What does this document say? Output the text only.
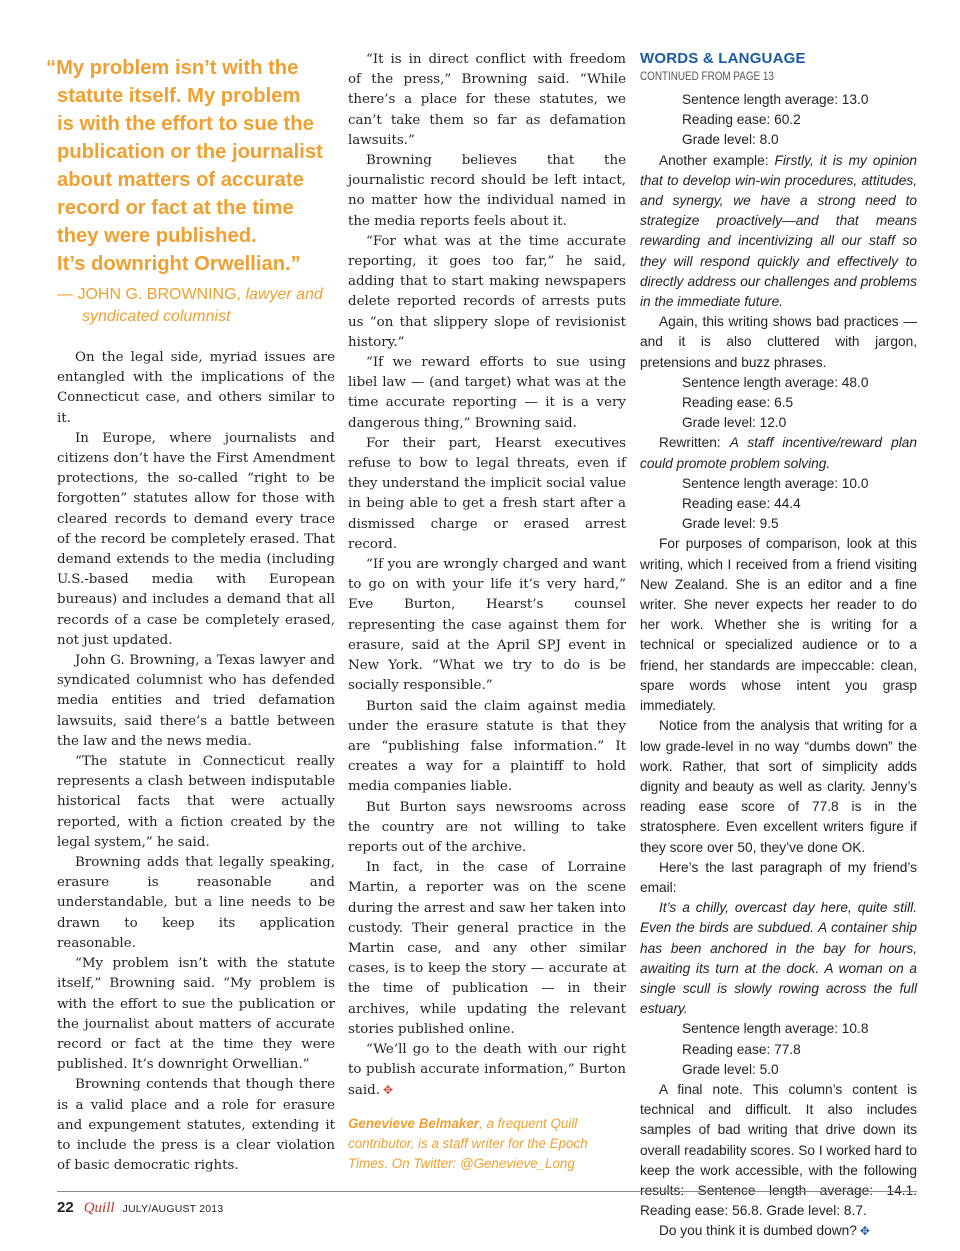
“My problem isn’t with the
statute itself. My problem
is with the effort to sue the
publication or the journalist
about matters of accurate
record or fact at the time
they were published.
It’s downright Orwellian.”
— JOHN G. BROWNING, lawyer and
syndicated columnist

On the legal side, myriad issues are entangled with the implications of the Connecticut case, and others similar to it.

In Europe, where journalists and citizens don’t have the First Amendment protections, the so-called “right to be forgotten” statutes allow for those with cleared records to demand every trace of the record be completely erased. That demand extends to the media (including U.S.-based media with European bureaus) and includes a demand that all records of a case be completely erased, not just updated.

John G. Browning, a Texas lawyer and syndicated columnist who has defended media entities and tried defamation lawsuits, said there’s a battle between the law and the news media.

“The statute in Connecticut really represents a clash between indisputable historical facts that were actually reported, with a fiction created by the legal system,” he said.

Browning adds that legally speaking, erasure is reasonable and understandable, but a line needs to be drawn to keep its application reasonable.

“My problem isn’t with the statute itself,” Browning said. “My problem is with the effort to sue the publication or the journalist about matters of accurate record or fact at the time they were published. It’s downright Orwellian.”

Browning contends that though there is a valid place and a role for erasure and expungement statutes, extending it to include the press is a clear violation of basic democratic rights.

“It is in direct conflict with freedom of the press,” Browning said. “While there’s a place for these statutes, we can’t take them so far as defamation lawsuits.”

Browning believes that the journalistic record should be left intact, no matter how the individual named in the media reports feels about it.

“For what was at the time accurate reporting, it goes too far,” he said, adding that to start making newspapers delete reported records of arrests puts us “on that slippery slope of revisionist history.”

“If we reward efforts to sue using libel law — (and target) what was at the time accurate reporting — it is a very dangerous thing,” Browning said.

For their part, Hearst executives refuse to bow to legal threats, even if they understand the implicit social value in being able to get a fresh start after a dismissed charge or erased arrest record.

“If you are wrongly charged and want to go on with your life it’s very hard,” Eve Burton, Hearst’s counsel representing the case against them for erasure, said at the April SPJ event in New York. “What we try to do is be socially responsible.”

Burton said the claim against media under the erasure statute is that they are “publishing false information.” It creates a way for a plaintiff to hold media companies liable.

But Burton says newsrooms across the country are not willing to take reports out of the archive.

In fact, in the case of Lorraine Martin, a reporter was on the scene during the arrest and saw her taken into custody. Their general practice in the Martin case, and any other similar cases, is to keep the story — accurate at the time of publication — in their archives, while updating the relevant stories published online.

“We’ll go to the death with our right to publish accurate information,” Burton said. ✥

Genevieve Belmaker, a frequent Quill contributor, is a staff writer for the Epoch Times. On Twitter: @Genevieve_Long
WORDS & LANGUAGE
CONTINUED FROM PAGE 13

Sentence length average: 13.0

Reading ease: 60.2

Grade level: 8.0

Another example: Firstly, it is my opinion that to develop win-win procedures, attitudes, and synergy, we have a strong need to strategize proactively—and that means rewarding and incentivizing all our staff so they will respond quickly and effectively to directly address our challenges and problems in the immediate future.

Again, this writing shows bad practices — and it is also cluttered with jargon, pretensions and buzz phrases.

Sentence length average: 48.0

Reading ease: 6.5

Grade level: 12.0

Rewritten: A staff incentive/reward plan could promote problem solving.

Sentence length average: 10.0

Reading ease: 44.4

Grade level: 9.5

For purposes of comparison, look at this writing, which I received from a friend visiting New Zealand. She is an editor and a fine writer. She never expects her reader to do her work. Whether she is writing for a technical or specialized audience or to a friend, her standards are impeccable: clean, spare words whose intent you grasp immediately.

Notice from the analysis that writing for a low grade-level in no way “dumbs down” the work. Rather, that sort of simplicity adds dignity and beauty as well as clarity. Jenny’s reading ease score of 77.8 is in the stratosphere. Even excellent writers figure if they score over 50, they’ve done OK.

Here’s the last paragraph of my friend’s email:

It’s a chilly, overcast day here, quite still. Even the birds are subdued. A container ship has been anchored in the bay for hours, awaiting its turn at the dock. A woman on a single scull is slowly rowing across the full estuary.

Sentence length average: 10.8

Reading ease: 77.8

Grade level: 5.0

A final note. This column’s content is technical and difficult. It also includes samples of bad writing that drive down its overall readability scores. So I worked hard to keep the work accessible, with the following results: Sentence length average: 14.1. Reading ease: 56.8. Grade level: 8.7.

Do you think it is dumbed down? ✥

22 Quill JULY/AUGUST 2013
